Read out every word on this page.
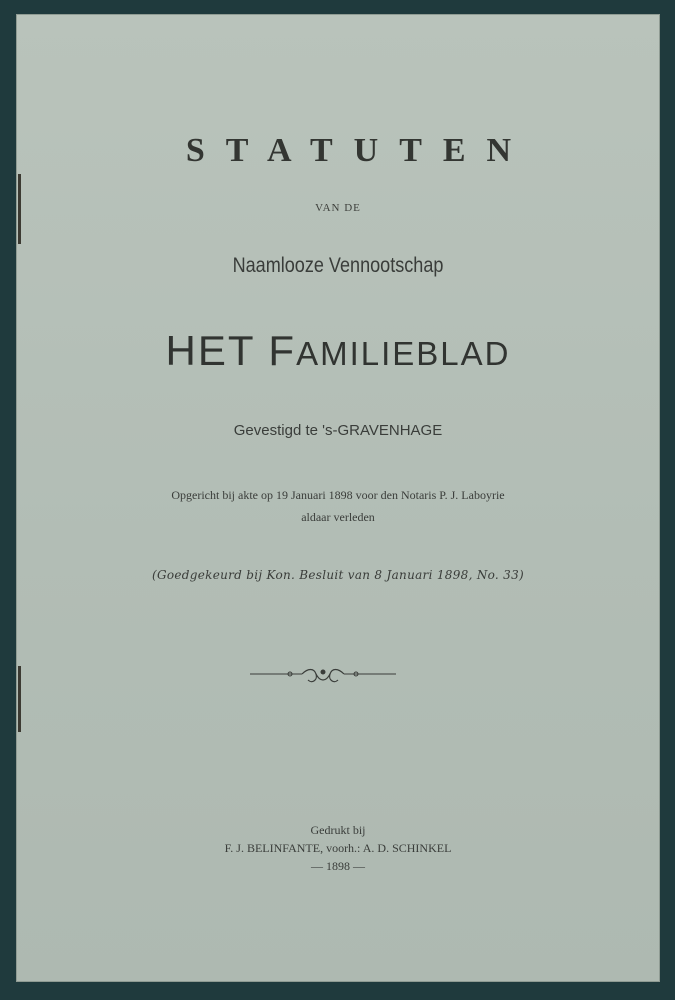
STATUTEN
VAN DE
Naamlooze Vennootschap
HET FAMILIEBLAD
Gevestigd te 's-GRAVENHAGE
Opgericht bij akte op 19 Januari 1898 voor den Notaris P. J. Laboyrie
aldaar verleden
(Goedgekeurd bij Kon. Besluit van 8 Januari 1898, No. 33)
Gedrukt bij
F. J. BELINFANTE, voorh.: A. D. SCHINKEL
— 1898 —
